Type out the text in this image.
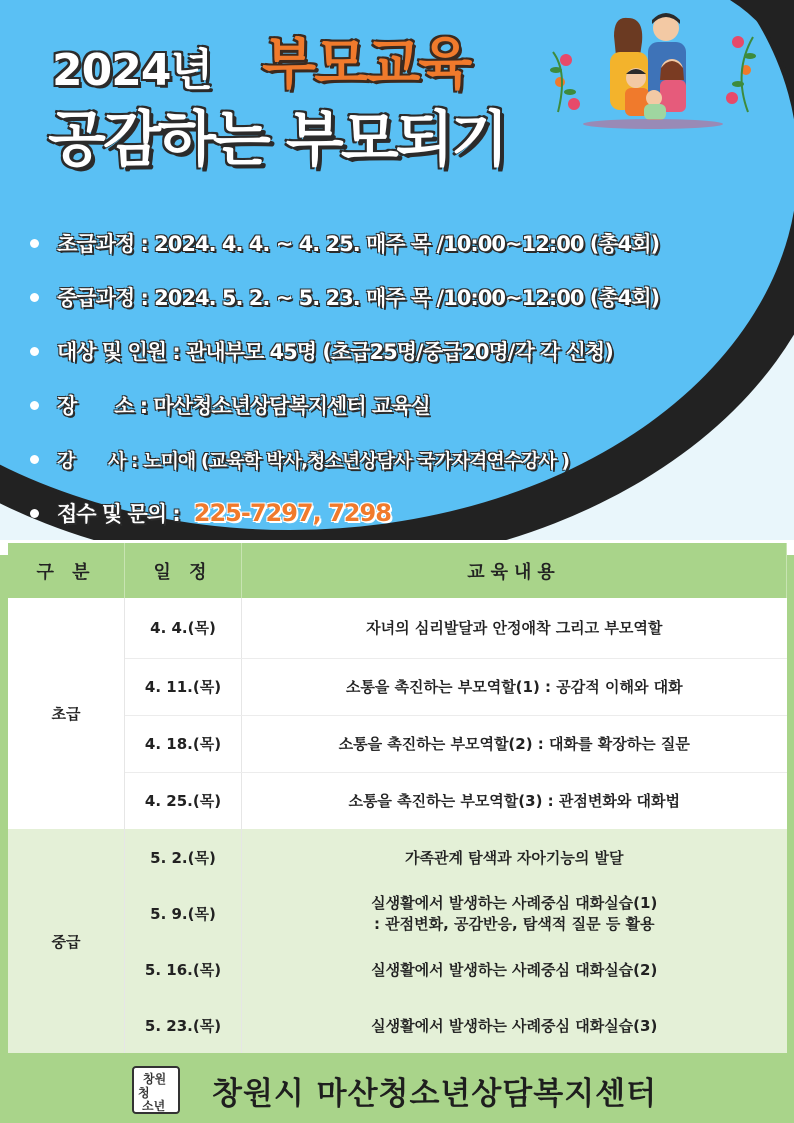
2024년 부모교육
공감하는 부모되기
초급과정 : 2024. 4. 4. ~ 4. 25. 매주 목 /10:00~12:00 (총4회)
중급과정 : 2024. 5. 2. ~ 5. 23. 매주 목 /10:00~12:00 (총4회)
대상 및 인원 : 관내부모 45명 (초급25명/중급20명/각 각 신청)
장      소 : 마산청소년상담복지센터 교육실
강      사 : 노미애 (교육학 박사,청소년상담사 국가자격연수강사 )
접수 및 문의 : 225-7297, 7298
구 분	일 정	교육내용
초급	4. 4.(목)	자녀의 심리발달과 안정애착 그리고 부모역할
	4. 11.(목)	소통을 촉진하는 부모역할(1) : 공감적 이해와 대화
	4. 18.(목)	소통을 촉진하는 부모역할(2) : 대화를 확장하는 질문
	4. 25.(목)	소통을 촉진하는 부모역할(3) : 관점변화와 대화법
중급	5. 2.(목)	가족관계 탐색과 자아기능의 발달
	5. 9.(목)	실생활에서 발생하는 사례중심 대화실습(1)
: 관점변화, 공감반응, 탐색적 질문 등 활용

	5. 16.(목)	실생활에서 발생하는 사례중심 대화실습(2)
	5. 23.(목)	실생활에서 발생하는 사례중심 대화실습(3)
창원
청
소년 창원시 마산청소년상담복지센터
